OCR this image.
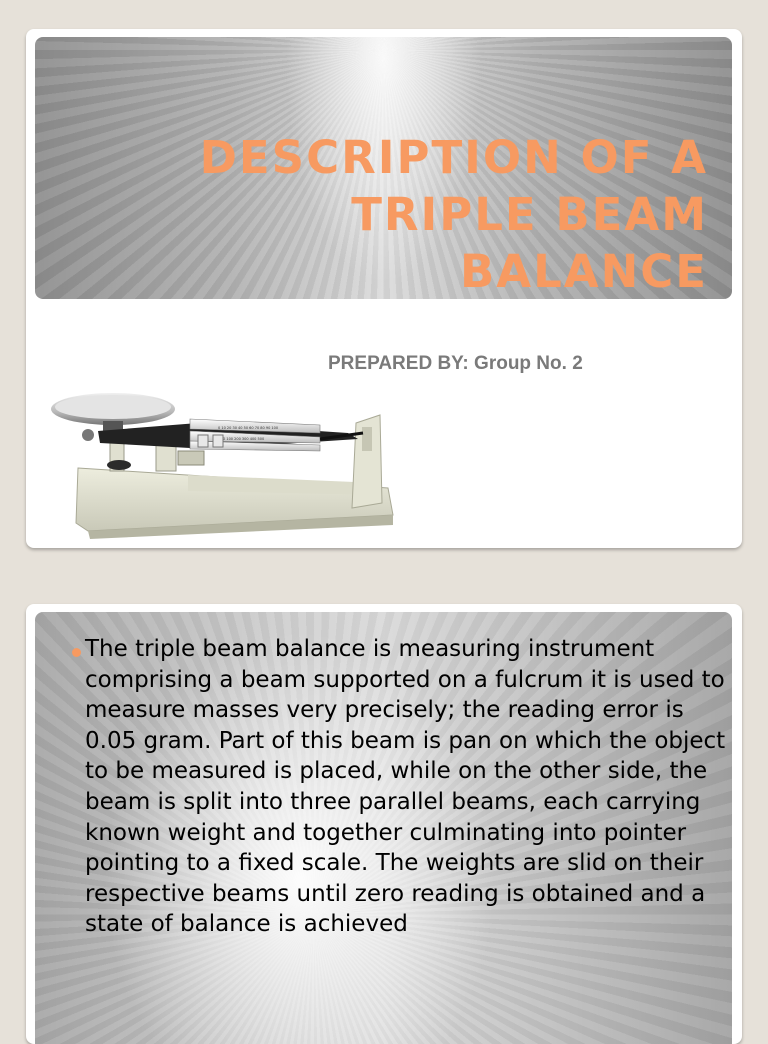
DESCRIPTION OF A TRIPLE BEAM BALANCE

PREPARED BY: Group No. 2

0 10 20 30 40 50 60 70 80 90 100
0 100 200 300 400 500

The triple beam balance is measuring instrument comprising a beam supported on a fulcrum it is used to measure masses very precisely; the reading error is 0.05 gram. Part of this beam is pan on which the object to be measured is placed, while on the other side, the beam is split into three parallel beams, each carrying known weight and together culminating into pointer pointing to a fixed scale. The weights are slid on their respective beams until zero reading is obtained and a state of balance is achieved
